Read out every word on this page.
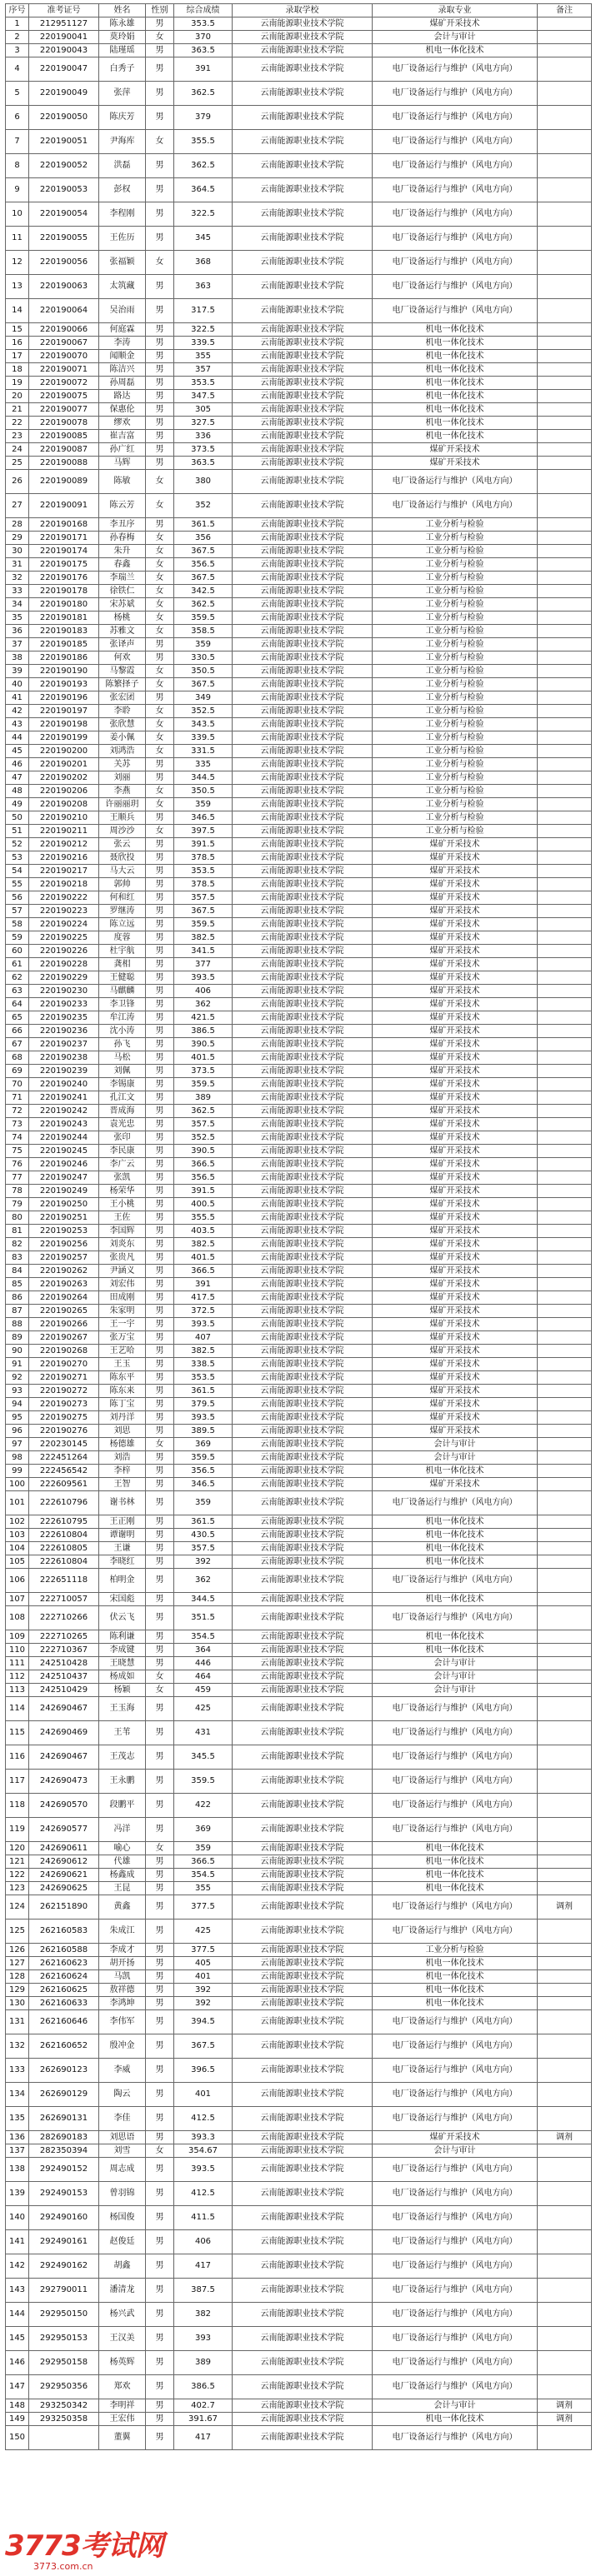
序号	准考证号	姓名	性别	综合成绩	录取学校	录取专业	备注
1	212951127	陈永雄	男	353.5	云南能源职业技术学院	煤矿开采技术	
2	220190041	莫玲娟	女	370	云南能源职业技术学院	会计与审计	
3	220190043	陆瑾瑶	男	363.5	云南能源职业技术学院	机电一体化技术	
4	220190047	白秀子	男	391	云南能源职业技术学院	电厂设备运行与维护（风电方向）	
5	220190049	张萍	男	362.5	云南能源职业技术学院	电厂设备运行与维护（风电方向）	
6	220190050	陈庆芳	男	379	云南能源职业技术学院	电厂设备运行与维护（风电方向）	
7	220190051	尹海库	女	355.5	云南能源职业技术学院	电厂设备运行与维护（风电方向）	
8	220190052	洪磊	男	362.5	云南能源职业技术学院	电厂设备运行与维护（风电方向）	
9	220190053	彭权	男	364.5	云南能源职业技术学院	电厂设备运行与维护（风电方向）	
10	220190054	李程刚	男	322.5	云南能源职业技术学院	电厂设备运行与维护（风电方向）	
11	220190055	王佐历	男	345	云南能源职业技术学院	电厂设备运行与维护（风电方向）	
12	220190056	张福颖	女	368	云南能源职业技术学院	电厂设备运行与维护（风电方向）	
13	220190063	太筑藏	男	363	云南能源职业技术学院	电厂设备运行与维护（风电方向）	
14	220190064	吴治雨	男	317.5	云南能源职业技术学院	电厂设备运行与维护（风电方向）	
15	220190066	何庭霖	男	322.5	云南能源职业技术学院	机电一体化技术	
16	220190067	李涛	男	339.5	云南能源职业技术学院	机电一体化技术	
17	220190070	闻顺金	男	355	云南能源职业技术学院	机电一体化技术	
18	220190071	陈洁兴	男	357	云南能源职业技术学院	机电一体化技术	
19	220190072	孙周磊	男	353.5	云南能源职业技术学院	机电一体化技术	
20	220190075	路达	男	347.5	云南能源职业技术学院	机电一体化技术	
21	220190077	保惠伦	男	305	云南能源职业技术学院	机电一体化技术	
22	220190078	缪欢	男	327.5	云南能源职业技术学院	机电一体化技术	
23	220190085	崔吉富	男	336	云南能源职业技术学院	机电一体化技术	
24	220190087	孙广红	男	373.5	云南能源职业技术学院	煤矿开采技术	
25	220190088	马辉	男	363.5	云南能源职业技术学院	煤矿开采技术	
26	220190089	陈敏	女	380	云南能源职业技术学院	电厂设备运行与维护（风电方向）	
27	220190091	陈云芳	女	352	云南能源职业技术学院	电厂设备运行与维护（风电方向）	
28	220190168	李丑序	男	361.5	云南能源职业技术学院	工业分析与检验	
29	220190171	孙春梅	女	356	云南能源职业技术学院	工业分析与检验	
30	220190174	朱升	女	367.5	云南能源职业技术学院	工业分析与检验	
31	220190175	春鑫	女	356.5	云南能源职业技术学院	工业分析与检验	
32	220190176	李瑞兰	女	367.5	云南能源职业技术学院	工业分析与检验	
33	220190178	徐铁仁	女	342.5	云南能源职业技术学院	工业分析与检验	
34	220190180	宋苏斌	女	362.5	云南能源职业技术学院	工业分析与检验	
35	220190181	杨桃	女	359.5	云南能源职业技术学院	工业分析与检验	
36	220190183	苏雅文	女	358.5	云南能源职业技术学院	工业分析与检验	
37	220190185	张译声	男	359	云南能源职业技术学院	工业分析与检验	
38	220190186	何欢	男	330.5	云南能源职业技术学院	工业分析与检验	
39	220190190	马黎霞	女	350.5	云南能源职业技术学院	工业分析与检验	
40	220190193	陈繁择子	女	367.5	云南能源职业技术学院	工业分析与检验	
41	220190196	张宏团	男	349	云南能源职业技术学院	工业分析与检验	
42	220190197	李聆	女	352.5	云南能源职业技术学院	工业分析与检验	
43	220190198	张欣慧	女	343.5	云南能源职业技术学院	工业分析与检验	
44	220190199	姜小佩	女	339.5	云南能源职业技术学院	工业分析与检验	
45	220190200	刘鸿浩	女	331.5	云南能源职业技术学院	工业分析与检验	
46	220190201	关苏	男	335	云南能源职业技术学院	工业分析与检验	
47	220190202	刘丽	男	344.5	云南能源职业技术学院	工业分析与检验	
48	220190206	李燕	女	350.5	云南能源职业技术学院	工业分析与检验	
49	220190208	许丽丽玥	女	359	云南能源职业技术学院	工业分析与检验	
50	220190210	王顺兵	男	346.5	云南能源职业技术学院	工业分析与检验	
51	220190211	周沙沙	女	397.5	云南能源职业技术学院	工业分析与检验	
52	220190212	张云	男	391.5	云南能源职业技术学院	煤矿开采技术	
53	220190216	聂欣投	男	378.5	云南能源职业技术学院	煤矿开采技术	
54	220190217	马大云	男	353.5	云南能源职业技术学院	煤矿开采技术	
55	220190218	郭帅	男	378.5	云南能源职业技术学院	煤矿开采技术	
56	220190222	何和红	男	357.5	云南能源职业技术学院	煤矿开采技术	
57	220190223	罗继涛	男	367.5	云南能源职业技术学院	煤矿开采技术	
58	220190224	陈立远	男	359.5	云南能源职业技术学院	煤矿开采技术	
59	220190225	度蓉	男	382.5	云南能源职业技术学院	煤矿开采技术	
60	220190226	杜宇航	男	341.5	云南能源职业技术学院	煤矿开采技术	
61	220190228	龚相	男	377	云南能源职业技术学院	煤矿开采技术	
62	220190229	王健聪	男	393.5	云南能源职业技术学院	煤矿开采技术	
63	220190230	马麒麟	男	406	云南能源职业技术学院	煤矿开采技术	
64	220190233	李卫锋	男	362	云南能源职业技术学院	煤矿开采技术	
65	220190235	牟江涛	男	421.5	云南能源职业技术学院	煤矿开采技术	
66	220190236	沈小涛	男	386.5	云南能源职业技术学院	煤矿开采技术	
67	220190237	孙飞	男	390.5	云南能源职业技术学院	煤矿开采技术	
68	220190238	马松	男	401.5	云南能源职业技术学院	煤矿开采技术	
69	220190239	刘佩	男	373.5	云南能源职业技术学院	煤矿开采技术	
70	220190240	李锡康	男	359.5	云南能源职业技术学院	煤矿开采技术	
71	220190241	孔江文	男	389	云南能源职业技术学院	煤矿开采技术	
72	220190242	晋成海	男	362.5	云南能源职业技术学院	煤矿开采技术	
73	220190243	袁光忠	男	357.5	云南能源职业技术学院	煤矿开采技术	
74	220190244	张印	男	352.5	云南能源职业技术学院	煤矿开采技术	
75	220190245	李民康	男	390.5	云南能源职业技术学院	煤矿开采技术	
76	220190246	李广云	男	366.5	云南能源职业技术学院	煤矿开采技术	
77	220190247	张凯	男	356.5	云南能源职业技术学院	煤矿开采技术	
78	220190249	杨荣华	男	391.5	云南能源职业技术学院	煤矿开采技术	
79	220190250	王小桃	男	400.5	云南能源职业技术学院	煤矿开采技术	
80	220190251	王佐	男	355.5	云南能源职业技术学院	煤矿开采技术	
81	220190253	李国辉	男	403.5	云南能源职业技术学院	煤矿开采技术	
82	220190256	刘炎东	男	382.5	云南能源职业技术学院	煤矿开采技术	
83	220190257	张贵凡	男	401.5	云南能源职业技术学院	煤矿开采技术	
84	220190262	尹涵义	男	366.5	云南能源职业技术学院	煤矿开采技术	
85	220190263	刘宏伟	男	391	云南能源职业技术学院	煤矿开采技术	
86	220190264	田成刚	男	417.5	云南能源职业技术学院	煤矿开采技术	
87	220190265	朱家明	男	372.5	云南能源职业技术学院	煤矿开采技术	
88	220190266	王一宇	男	393.5	云南能源职业技术学院	煤矿开采技术	
89	220190267	张万宝	男	407	云南能源职业技术学院	煤矿开采技术	
90	220190268	王艺哈	男	382.5	云南能源职业技术学院	煤矿开采技术	
91	220190270	王玉	男	338.5	云南能源职业技术学院	煤矿开采技术	
92	220190271	陈东平	男	353.5	云南能源职业技术学院	煤矿开采技术	
93	220190272	陈东来	男	361.5	云南能源职业技术学院	煤矿开采技术	
94	220190273	陈丁宝	男	379.5	云南能源职业技术学院	煤矿开采技术	
95	220190275	刘丹洋	男	393.5	云南能源职业技术学院	煤矿开采技术	
96	220190276	刘思	男	389.5	云南能源职业技术学院	煤矿开采技术	
97	220230145	杨德雄	女	369	云南能源职业技术学院	会计与审计	
98	222451264	刘浩	男	359.5	云南能源职业技术学院	会计与审计	
99	222456542	李梓	男	356.5	云南能源职业技术学院	机电一体化技术	
100	222609561	王智	男	346.5	云南能源职业技术学院	煤矿开采技术	
101	222610796	谢书林	男	359	云南能源职业技术学院	电厂设备运行与维护（风电方向）	
102	222610795	王正刚	男	361.5	云南能源职业技术学院	机电一体化技术	
103	222610804	谭谢明	男	430.5	云南能源职业技术学院	机电一体化技术	
104	222610805	王谦	男	357.5	云南能源职业技术学院	机电一体化技术	
105	222610804	李晓红	男	392	云南能源职业技术学院	机电一体化技术	
106	222651118	柏明金	男	362	云南能源职业技术学院	电厂设备运行与维护（风电方向）	
107	222710057	宋国彪	男	344.5	云南能源职业技术学院	机电一体化技术	
108	222710266	伏云飞	男	351.5	云南能源职业技术学院	电厂设备运行与维护（风电方向）	
109	222710265	陈利谦	男	354.5	云南能源职业技术学院	机电一体化技术	
110	222710367	李成键	男	364	云南能源职业技术学院	机电一体化技术	
111	242510428	王晓慧	男	446	云南能源职业技术学院	会计与审计	
112	242510437	杨成如	女	464	云南能源职业技术学院	会计与审计	
113	242510429	杨颖	女	459	云南能源职业技术学院	会计与审计	
114	242690467	王玉海	男	425	云南能源职业技术学院	电厂设备运行与维护（风电方向）	
115	242690469	王苇	男	431	云南能源职业技术学院	电厂设备运行与维护（风电方向）	
116	242690467	王茂志	男	345.5	云南能源职业技术学院	电厂设备运行与维护（风电方向）	
117	242690473	王永鹏	男	359.5	云南能源职业技术学院	电厂设备运行与维护（风电方向）	
118	242690570	段鹏平	男	422	云南能源职业技术学院	电厂设备运行与维护（风电方向）	
119	242690577	冯洋	男	369	云南能源职业技术学院	电厂设备运行与维护（风电方向）	
120	242690611	喻心	女	359	云南能源职业技术学院	机电一体化技术	
121	242690612	代雄	男	366.5	云南能源职业技术学院	机电一体化技术	
122	242690621	杨鑫成	男	354.5	云南能源职业技术学院	机电一体化技术	
123	242690625	王昆	男	355	云南能源职业技术学院	机电一体化技术	
124	262151890	黄鑫	男	377.5	云南能源职业技术学院	电厂设备运行与维护（风电方向）	调剂
125	262160583	朱成江	男	425	云南能源职业技术学院	电厂设备运行与维护（风电方向）	
126	262160588	李成才	男	377.5	云南能源职业技术学院	工业分析与检验	
127	262160623	胡开扬	男	405	云南能源职业技术学院	机电一体化技术	
128	262160624	马凯	男	401	云南能源职业技术学院	机电一体化技术	
129	262160625	敖祥德	男	392	云南能源职业技术学院	机电一体化技术	
130	262160633	李鸿坤	男	392	云南能源职业技术学院	机电一体化技术	
131	262160646	李伟军	男	394.5	云南能源职业技术学院	电厂设备运行与维护（风电方向）	
132	262160652	殷冲金	男	367.5	云南能源职业技术学院	电厂设备运行与维护（风电方向）	
133	262690123	李威	男	396.5	云南能源职业技术学院	电厂设备运行与维护（风电方向）	
134	262690129	陶云	男	401	云南能源职业技术学院	电厂设备运行与维护（风电方向）	
135	262690131	李佳	男	412.5	云南能源职业技术学院	电厂设备运行与维护（风电方向）	
136	282690183	刘思语	男	393.3	云南能源职业技术学院	煤矿开采技术	调剂
137	282350394	刘雪	女	354.67	云南能源职业技术学院	会计与审计	
138	292490152	周志成	男	393.5	云南能源职业技术学院	电厂设备运行与维护（风电方向）	
139	292490153	曾羽锦	男	412.5	云南能源职业技术学院	电厂设备运行与维护（风电方向）	
140	292490160	杨国俊	男	411.5	云南能源职业技术学院	电厂设备运行与维护（风电方向）	
141	292490161	赵俊廷	男	406	云南能源职业技术学院	电厂设备运行与维护（风电方向）	
142	292490162	胡鑫	男	417	云南能源职业技术学院	电厂设备运行与维护（风电方向）	
143	292790011	潘清龙	男	387.5	云南能源职业技术学院	电厂设备运行与维护（风电方向）	
144	292950150	杨兴武	男	382	云南能源职业技术学院	电厂设备运行与维护（风电方向）	
145	292950153	王汉美	男	393	云南能源职业技术学院	电厂设备运行与维护（风电方向）	
146	292950158	杨英辉	男	389	云南能源职业技术学院	电厂设备运行与维护（风电方向）	
147	292950356	郑欢	男	386.5	云南能源职业技术学院	电厂设备运行与维护（风电方向）	
148	293250342	李明祥	男	402.7	云南能源职业技术学院	会计与审计	调剂
149	293250358	王宏伟	男	391.67	云南能源职业技术学院	机电一体化技术	调剂
150		董翼	男	417	云南能源职业技术学院	电厂设备运行与维护（风电方向）	
3773考试网
3773.com.cn
